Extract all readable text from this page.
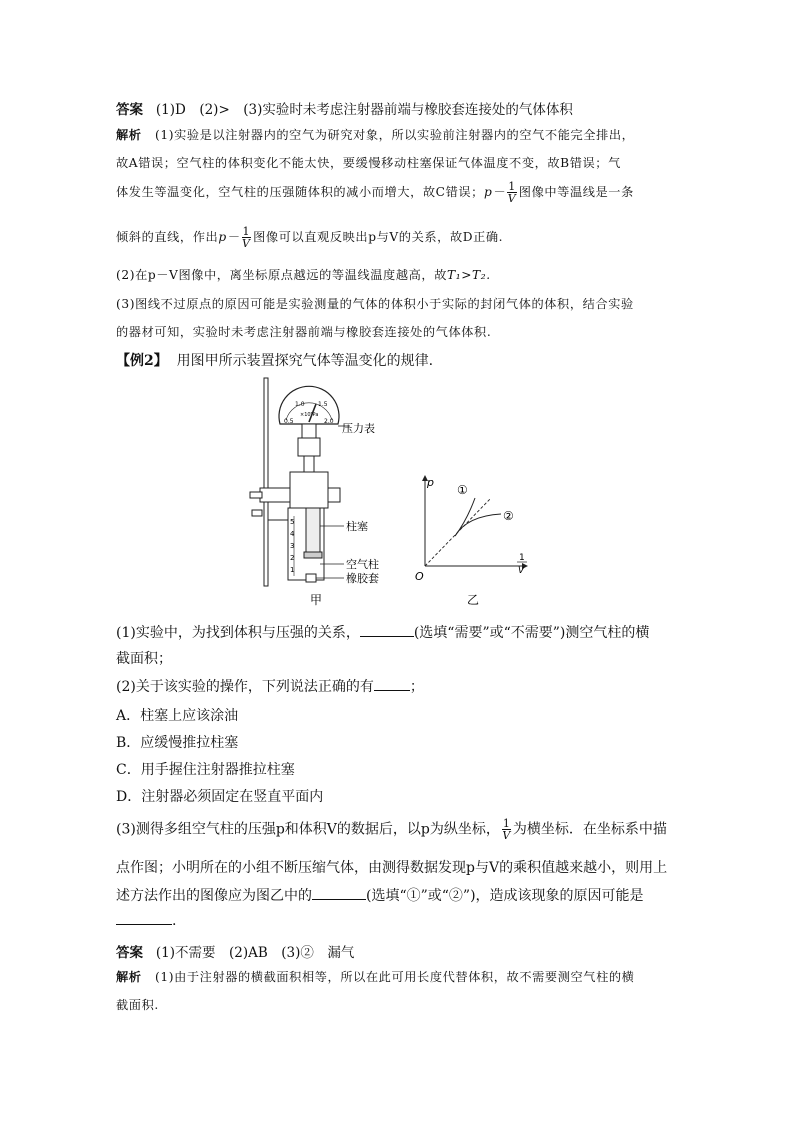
答案 (1)D　(2)>　(3)实验时未考虑注射器前端与橡胶套连接处的气体体积
解析 (1)实验是以注射器内的空气为研究对象，所以实验前注射器内的空气不能完全排出，
故A错误；空气柱的体积变化不能太快，要缓慢移动柱塞保证气体温度不变，故B错误；气
体发生等温变化，空气柱的压强随体积的减小而增大，故C错误；$p- \frac{1}{V}$ 图像中等温线是一条
倾斜的直线，作出$p- \frac{1}{V}$ 图像可以直观反映出p与V的关系，故D正确.
(2)在p－V图像中，离坐标原点越远的等温线温度越高，故T₁>T₂.
(3)图线不过原点的原因可能是实验测量的气体的体积小于实际的封闭气体的体积，结合实验
的器材可知，实验时未考虑注射器前端与橡胶套连接处的气体体积.
【例2】 用图甲所示装置探究气体等温变化的规律.
0.5
1.0 1.5
2.0
×10⁵Pa
压力表
5
4
3
2
1
柱塞
空气柱
橡胶套
甲
p
O
1
V
①
②
乙
(1)实验中，为找到体积与压强的关系，	(选填“需要”或“不需要”)测空气柱的横
截面积；
(2)关于该实验的操作，下列说法正确的有	；
A．柱塞上应该涂油
B．应缓慢推拉柱塞
C．用手握住注射器推拉柱塞
D．注射器必须固定在竖直平面内
(3)测得多组空气柱的压强p和体积V的数据后，以p为纵坐标， $\frac{1}{V}$ 为横坐标．在坐标系中描
点作图；小明所在的小组不断压缩气体，由测得数据发现p与V的乘积值越来越小，则用上
述方法作出的图像应为图乙中的	(选填“①”或“②”)，造成该现象的原因可能是
.
答案 (1)不需要　(2)AB　(3)②　漏气
解析 (1)由于注射器的横截面积相等，所以在此可用长度代替体积，故不需要测空气柱的横
截面积.
